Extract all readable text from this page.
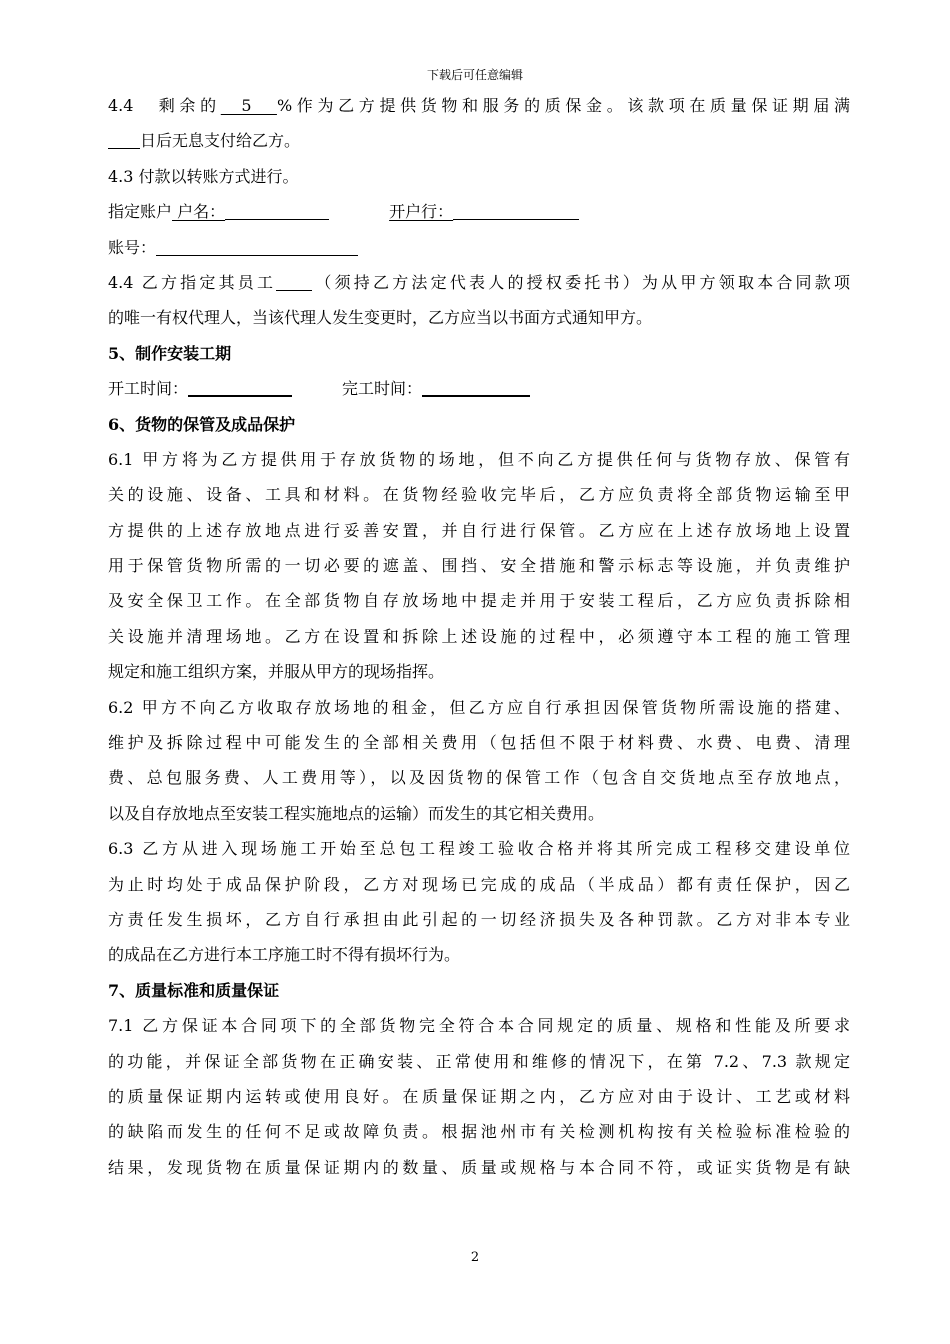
下载后可任意编辑
4.4　剩余的　5　%作为乙方提供货物和服务的质保金。该款项在质量保证期届满
日后无息支付给乙方。
4.3 付款以转账方式进行。
指定账户 户名：	开户行：
账号：
4.4 乙方指定其员工 （须持乙方法定代表人的授权委托书）为从甲方领取本合同款项
的唯一有权代理人，当该代理人发生变更时，乙方应当以书面方式通知甲方。
5、制作安装工期
开工时间：	完工时间：
6、货物的保管及成品保护
6.1 甲方将为乙方提供用于存放货物的场地，但不向乙方提供任何与货物存放、保管有
关的设施、设备、工具和材料。在货物经验收完毕后，乙方应负责将全部货物运输至甲
方提供的上述存放地点进行妥善安置，并自行进行保管。乙方应在上述存放场地上设置
用于保管货物所需的一切必要的遮盖、围挡、安全措施和警示标志等设施，并负责维护
及安全保卫工作。在全部货物自存放场地中提走并用于安装工程后，乙方应负责拆除相
关设施并清理场地。乙方在设置和拆除上述设施的过程中，必须遵守本工程的施工管理
规定和施工组织方案，并服从甲方的现场指挥。
6.2 甲方不向乙方收取存放场地的租金，但乙方应自行承担因保管货物所需设施的搭建、
维护及拆除过程中可能发生的全部相关费用（包括但不限于材料费、水费、电费、清理
费、总包服务费、人工费用等），以及因货物的保管工作（包含自交货地点至存放地点，
以及自存放地点至安装工程实施地点的运输）而发生的其它相关费用。
6.3 乙方从进入现场施工开始至总包工程竣工验收合格并将其所完成工程移交建设单位
为止时均处于成品保护阶段，乙方对现场已完成的成品（半成品）都有责任保护，因乙
方责任发生损坏，乙方自行承担由此引起的一切经济损失及各种罚款。乙方对非本专业
的成品在乙方进行本工序施工时不得有损坏行为。
7、质量标准和质量保证
7.1 乙方保证本合同项下的全部货物完全符合本合同规定的质量、规格和性能及所要求
的功能，并保证全部货物在正确安装、正常使用和维修的情况下，在第 7.2、7.3 款规定
的质量保证期内运转或使用良好。在质量保证期之内，乙方应对由于设计、工艺或材料
的缺陷而发生的任何不足或故障负责。根据池州市有关检测机构按有关检验标准检验的
结果，发现货物在质量保证期内的数量、质量或规格与本合同不符，或证实货物是有缺
2
